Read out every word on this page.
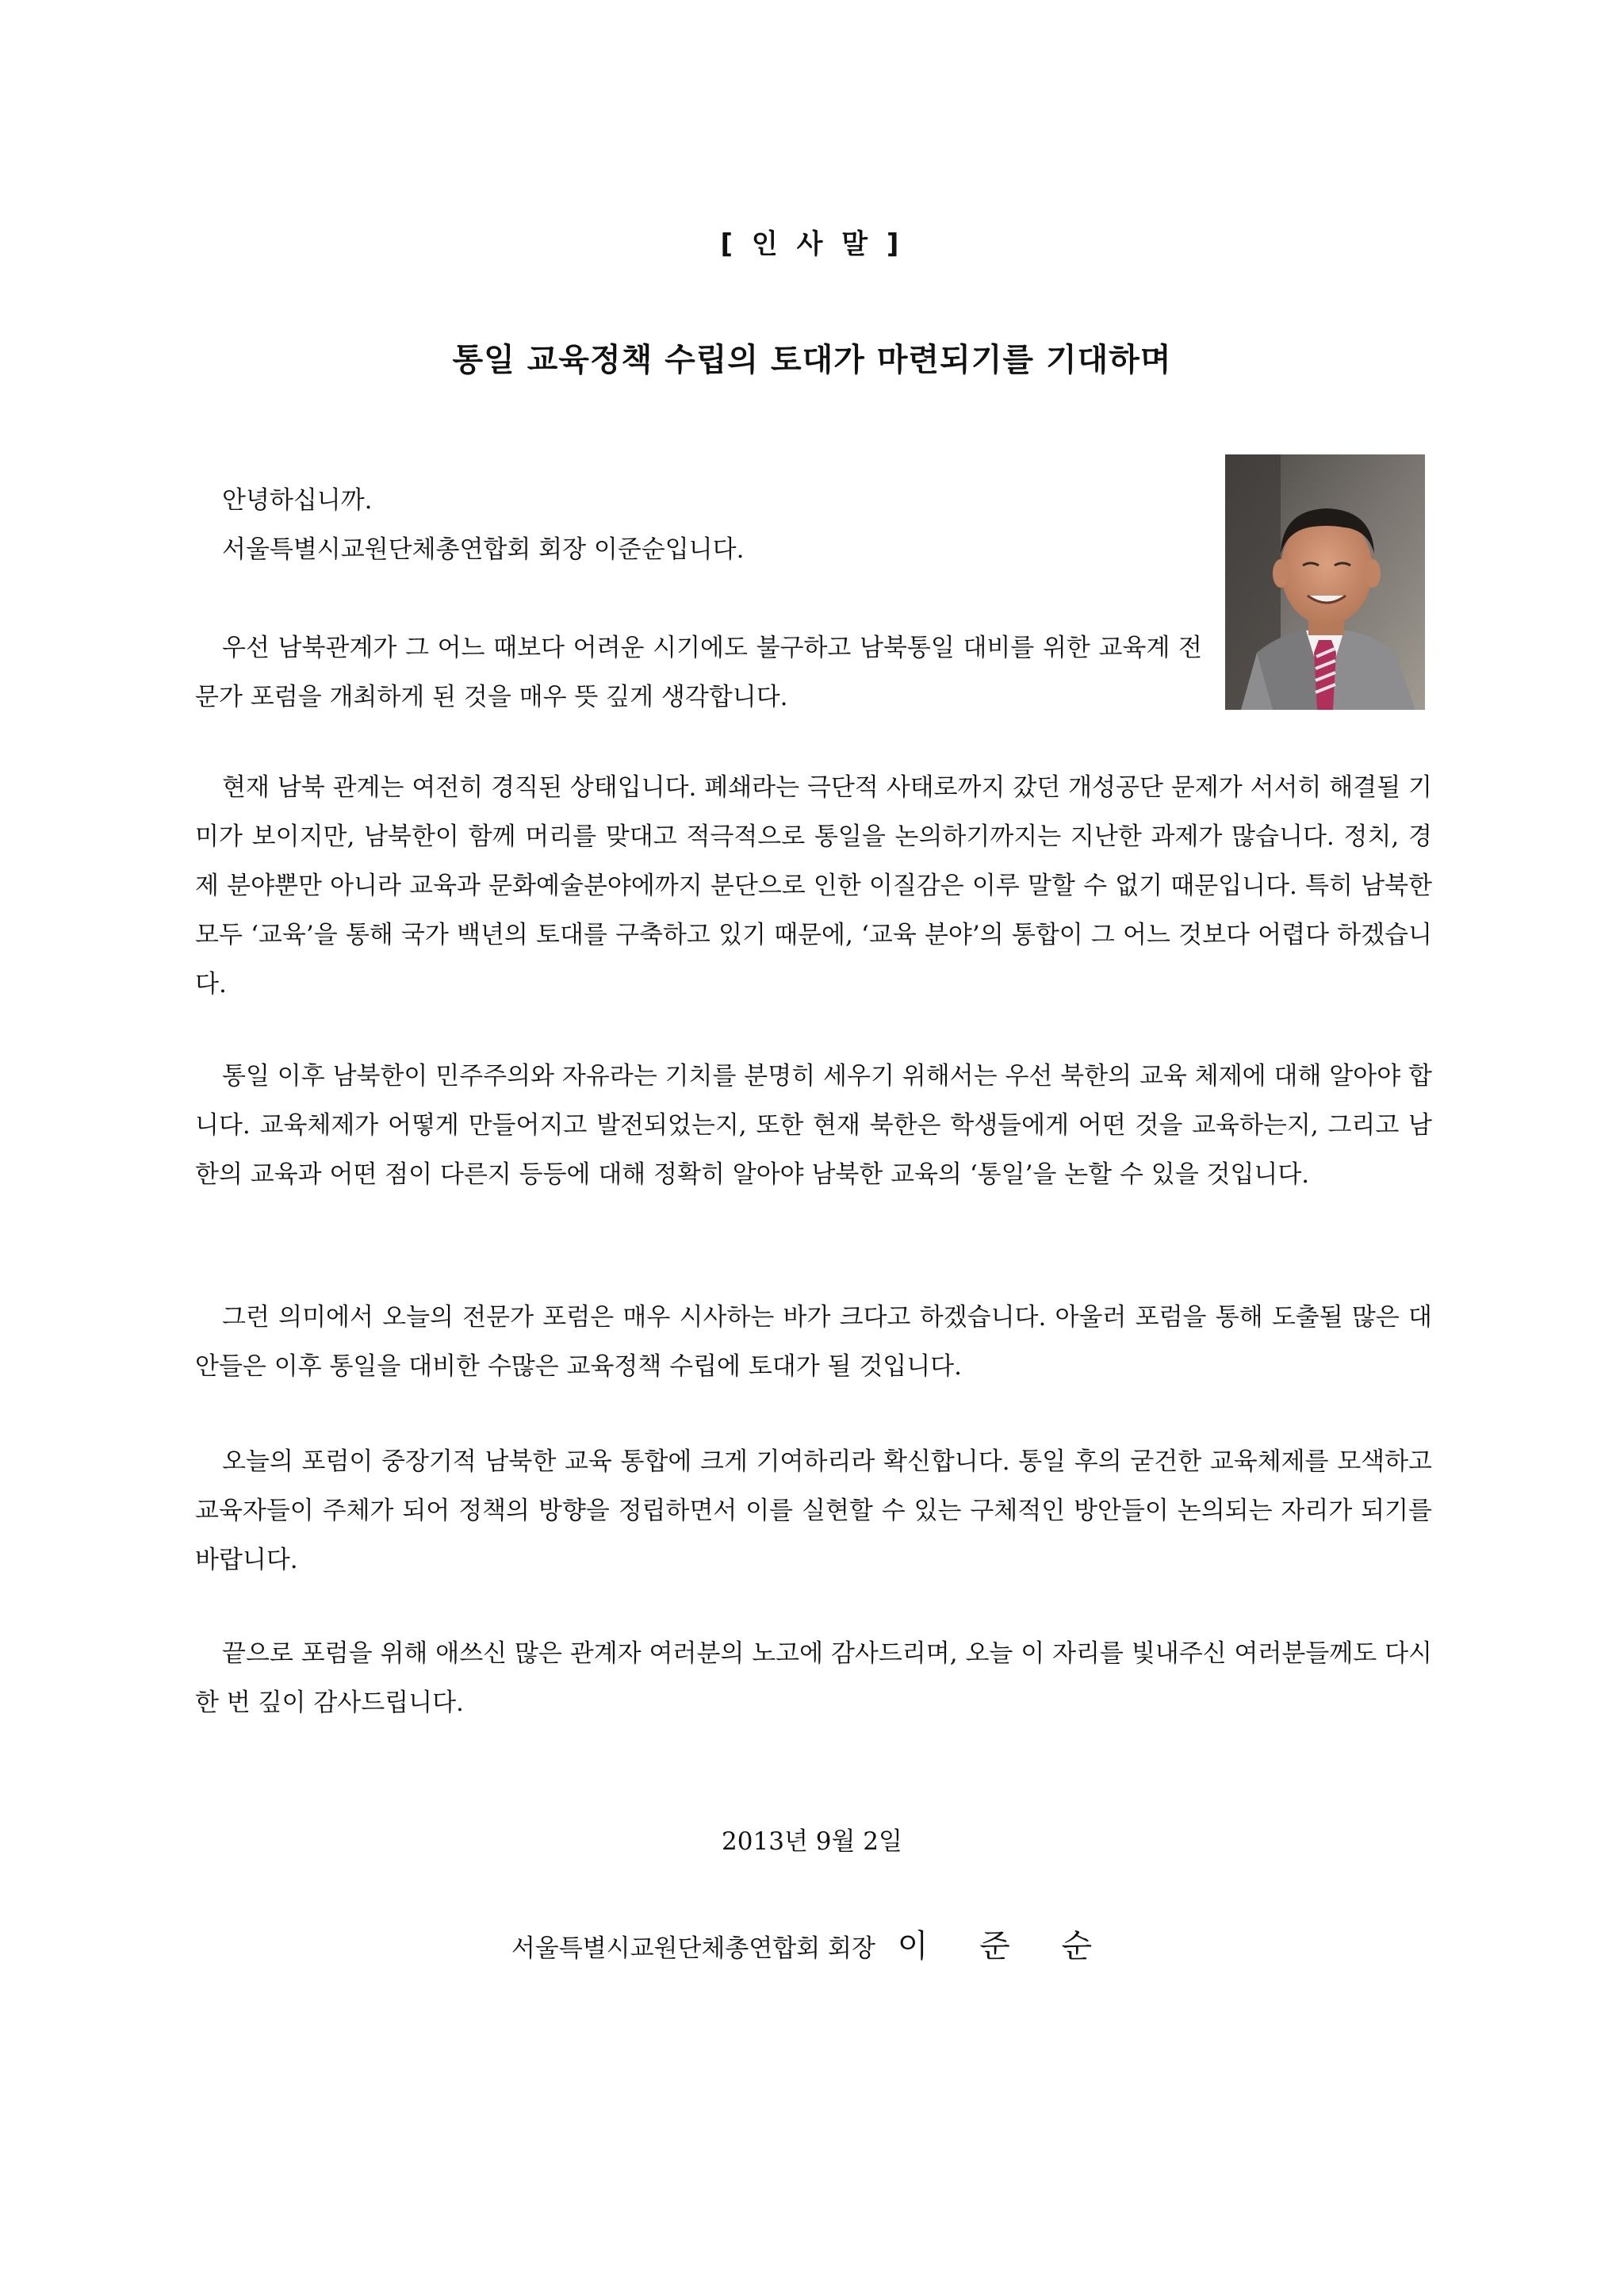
[ 인 사 말 ]
통일 교육정책 수립의 토대가 마련되기를 기대하며

안녕하십니까.

서울특별시교원단체총연합회 회장 이준순입니다.

우선 남북관계가 그 어느 때보다 어려운 시기에도 불구하고 남북통일 대비를 위한 교육계 전문가 포럼을 개최하게 된 것을 매우 뜻 깊게 생각합니다.

현재 남북 관계는 여전히 경직된 상태입니다. 폐쇄라는 극단적 사태로까지 갔던 개성공단 문제가 서서히 해결될 기미가 보이지만, 남북한이 함께 머리를 맞대고 적극적으로 통일을 논의하기까지는 지난한 과제가 많습니다. 정치, 경제 분야뿐만 아니라 교육과 문화예술분야에까지 분단으로 인한 이질감은 이루 말할 수 없기 때문입니다. 특히 남북한 모두 ‘교육’을 통해 국가 백년의 토대를 구축하고 있기 때문에, ‘교육 분야’의 통합이 그 어느 것보다 어렵다 하겠습니다.

통일 이후 남북한이 민주주의와 자유라는 기치를 분명히 세우기 위해서는 우선 북한의 교육 체제에 대해 알아야 합니다. 교육체제가 어떻게 만들어지고 발전되었는지, 또한 현재 북한은 학생들에게 어떤 것을 교육하는지, 그리고 남한의 교육과 어떤 점이 다른지 등등에 대해 정확히 알아야 남북한 교육의 ‘통일’을 논할 수 있을 것입니다.

그런 의미에서 오늘의 전문가 포럼은 매우 시사하는 바가 크다고 하겠습니다. 아울러 포럼을 통해 도출될 많은 대안들은 이후 통일을 대비한 수많은 교육정책 수립에 토대가 될 것입니다.

오늘의 포럼이 중장기적 남북한 교육 통합에 크게 기여하리라 확신합니다. 통일 후의 굳건한 교육체제를 모색하고 교육자들이 주체가 되어 정책의 방향을 정립하면서 이를 실현할 수 있는 구체적인 방안들이 논의되는 자리가 되기를 바랍니다.

끝으로 포럼을 위해 애쓰신 많은 관계자 여러분의 노고에 감사드리며, 오늘 이 자리를 빛내주신 여러분들께도 다시 한 번 깊이 감사드립니다.

2013년 9월 2일
서울특별시교원단체총연합회 회장 이 준 순
